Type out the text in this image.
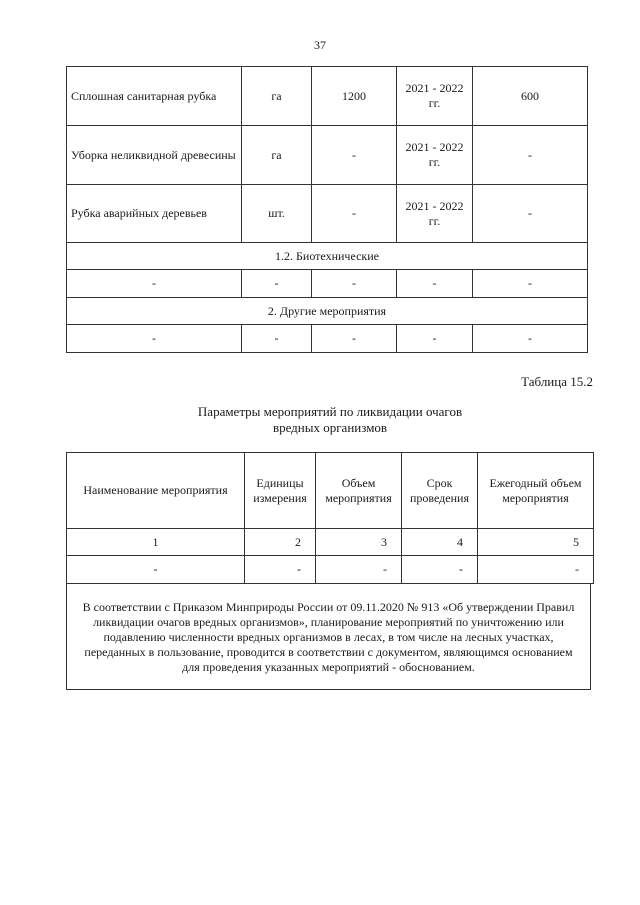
37
Сплошная санитарная рубка	га	1200	2021 - 2022 гг.	600
Уборка неликвидной древесины	га	-	2021 - 2022 гг.	-
Рубка аварийных деревьев	шт.	-	2021 - 2022 гг.	-
1.2. Биотехнические				
-	-	-	-	-
2. Другие мероприятия				
-	-	-	-	-
Таблица 15.2
Параметры мероприятий по ликвидации очагов
вредных организмов
Наименование мероприятия	Единицы измерения	Объем мероприятия	Срок проведения	Ежегодный объем мероприятия
1	2	3	4	5
-	-	-	-	-
В соответствии с Приказом Минприроды России от 09.11.2020 № 913 «Об утверждении Правил ликвидации очагов вредных организмов», планирование мероприятий по уничтожению или подавлению численности вредных организмов в лесах, в том числе на лесных участках, переданных в пользование, проводится в соответствии с документом, являющимся основанием для проведения указанных мероприятий - обоснованием.
